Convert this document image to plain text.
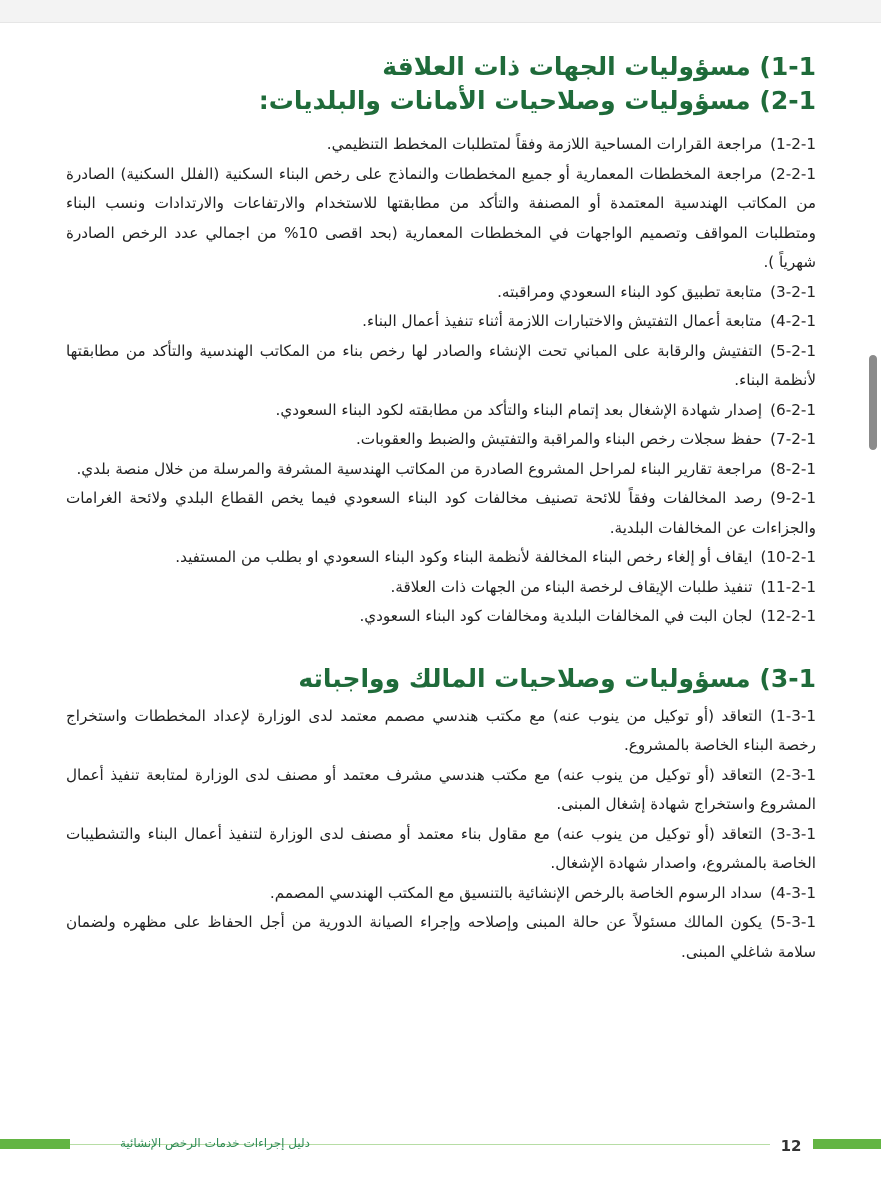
1-1) مسؤوليات الجهات ذات العلاقة
2-1) مسؤوليات وصلاحيات الأمانات والبلديات:
1-2-1)مراجعة القرارات المساحية اللازمة وفقاً لمتطلبات المخطط التنظيمي.
2-2-1)مراجعة المخططات المعمارية أو جميع المخططات والنماذج على رخص البناء السكنية (الفلل السكنية) الصادرة من المكاتب الهندسية المعتمدة أو المصنفة والتأكد من مطابقتها للاستخدام والارتفاعات والارتدادات ونسب البناء ومتطلبات المواقف وتصميم الواجهات في المخططات المعمارية (بحد اقصى 10% من اجمالي عدد الرخص الصادرة شهرياً ).
3-2-1)متابعة تطبيق كود البناء السعودي ومراقبته.
4-2-1)متابعة أعمال التفتيش والاختبارات اللازمة أثناء تنفيذ أعمال البناء.
5-2-1)التفتيش والرقابة على المباني تحت الإنشاء والصادر لها رخص بناء من المكاتب الهندسية والتأكد من مطابقتها لأنظمة البناء.
6-2-1)إصدار شهادة الإشغال بعد إتمام البناء والتأكد من مطابقته لكود البناء السعودي.
7-2-1)حفظ سجلات رخص البناء والمراقبة والتفتيش والضبط والعقوبات.
8-2-1)مراجعة تقارير البناء لمراحل المشروع الصادرة من المكاتب الهندسية المشرفة والمرسلة من خلال منصة بلدي.
9-2-1)رصد المخالفات وفقاً للائحة تصنيف مخالفات كود البناء السعودي فيما يخص القطاع البلدي ولائحة الغرامات والجزاءات عن المخالفات البلدية.
10-2-1)ايقاف أو إلغاء رخص البناء المخالفة لأنظمة البناء وكود البناء السعودي او بطلب من المستفيد.
11-2-1)تنفيذ طلبات الإيقاف لرخصة البناء من الجهات ذات العلاقة.
12-2-1)لجان البت في المخالفات البلدية ومخالفات كود البناء السعودي.
3-1) مسؤوليات وصلاحيات المالك وواجباته
1-3-1)التعاقد (أو توكيل من ينوب عنه) مع مكتب هندسي مصمم معتمد لدى الوزارة لإعداد المخططات واستخراج رخصة البناء الخاصة بالمشروع.
2-3-1)التعاقد (أو توكيل من ينوب عنه) مع مكتب هندسي مشرف معتمد أو مصنف لدى الوزارة لمتابعة تنفيذ أعمال المشروع واستخراج شهادة إشغال المبنى.
3-3-1)التعاقد (أو توكيل من ينوب عنه) مع مقاول بناء معتمد أو مصنف لدى الوزارة لتنفيذ أعمال البناء والتشطيبات الخاصة بالمشروع، واصدار شهادة الإشغال.
4-3-1)سداد الرسوم الخاصة بالرخص الإنشائية بالتنسيق مع المكتب الهندسي المصمم.
5-3-1)يكون المالك مسئولاً عن حالة المبنى وإصلاحه وإجراء الصيانة الدورية من أجل الحفاظ على مظهره ولضمان سلامة شاغلي المبنى.
دليل إجراءات خدمات الرخص الإنشائية	12
